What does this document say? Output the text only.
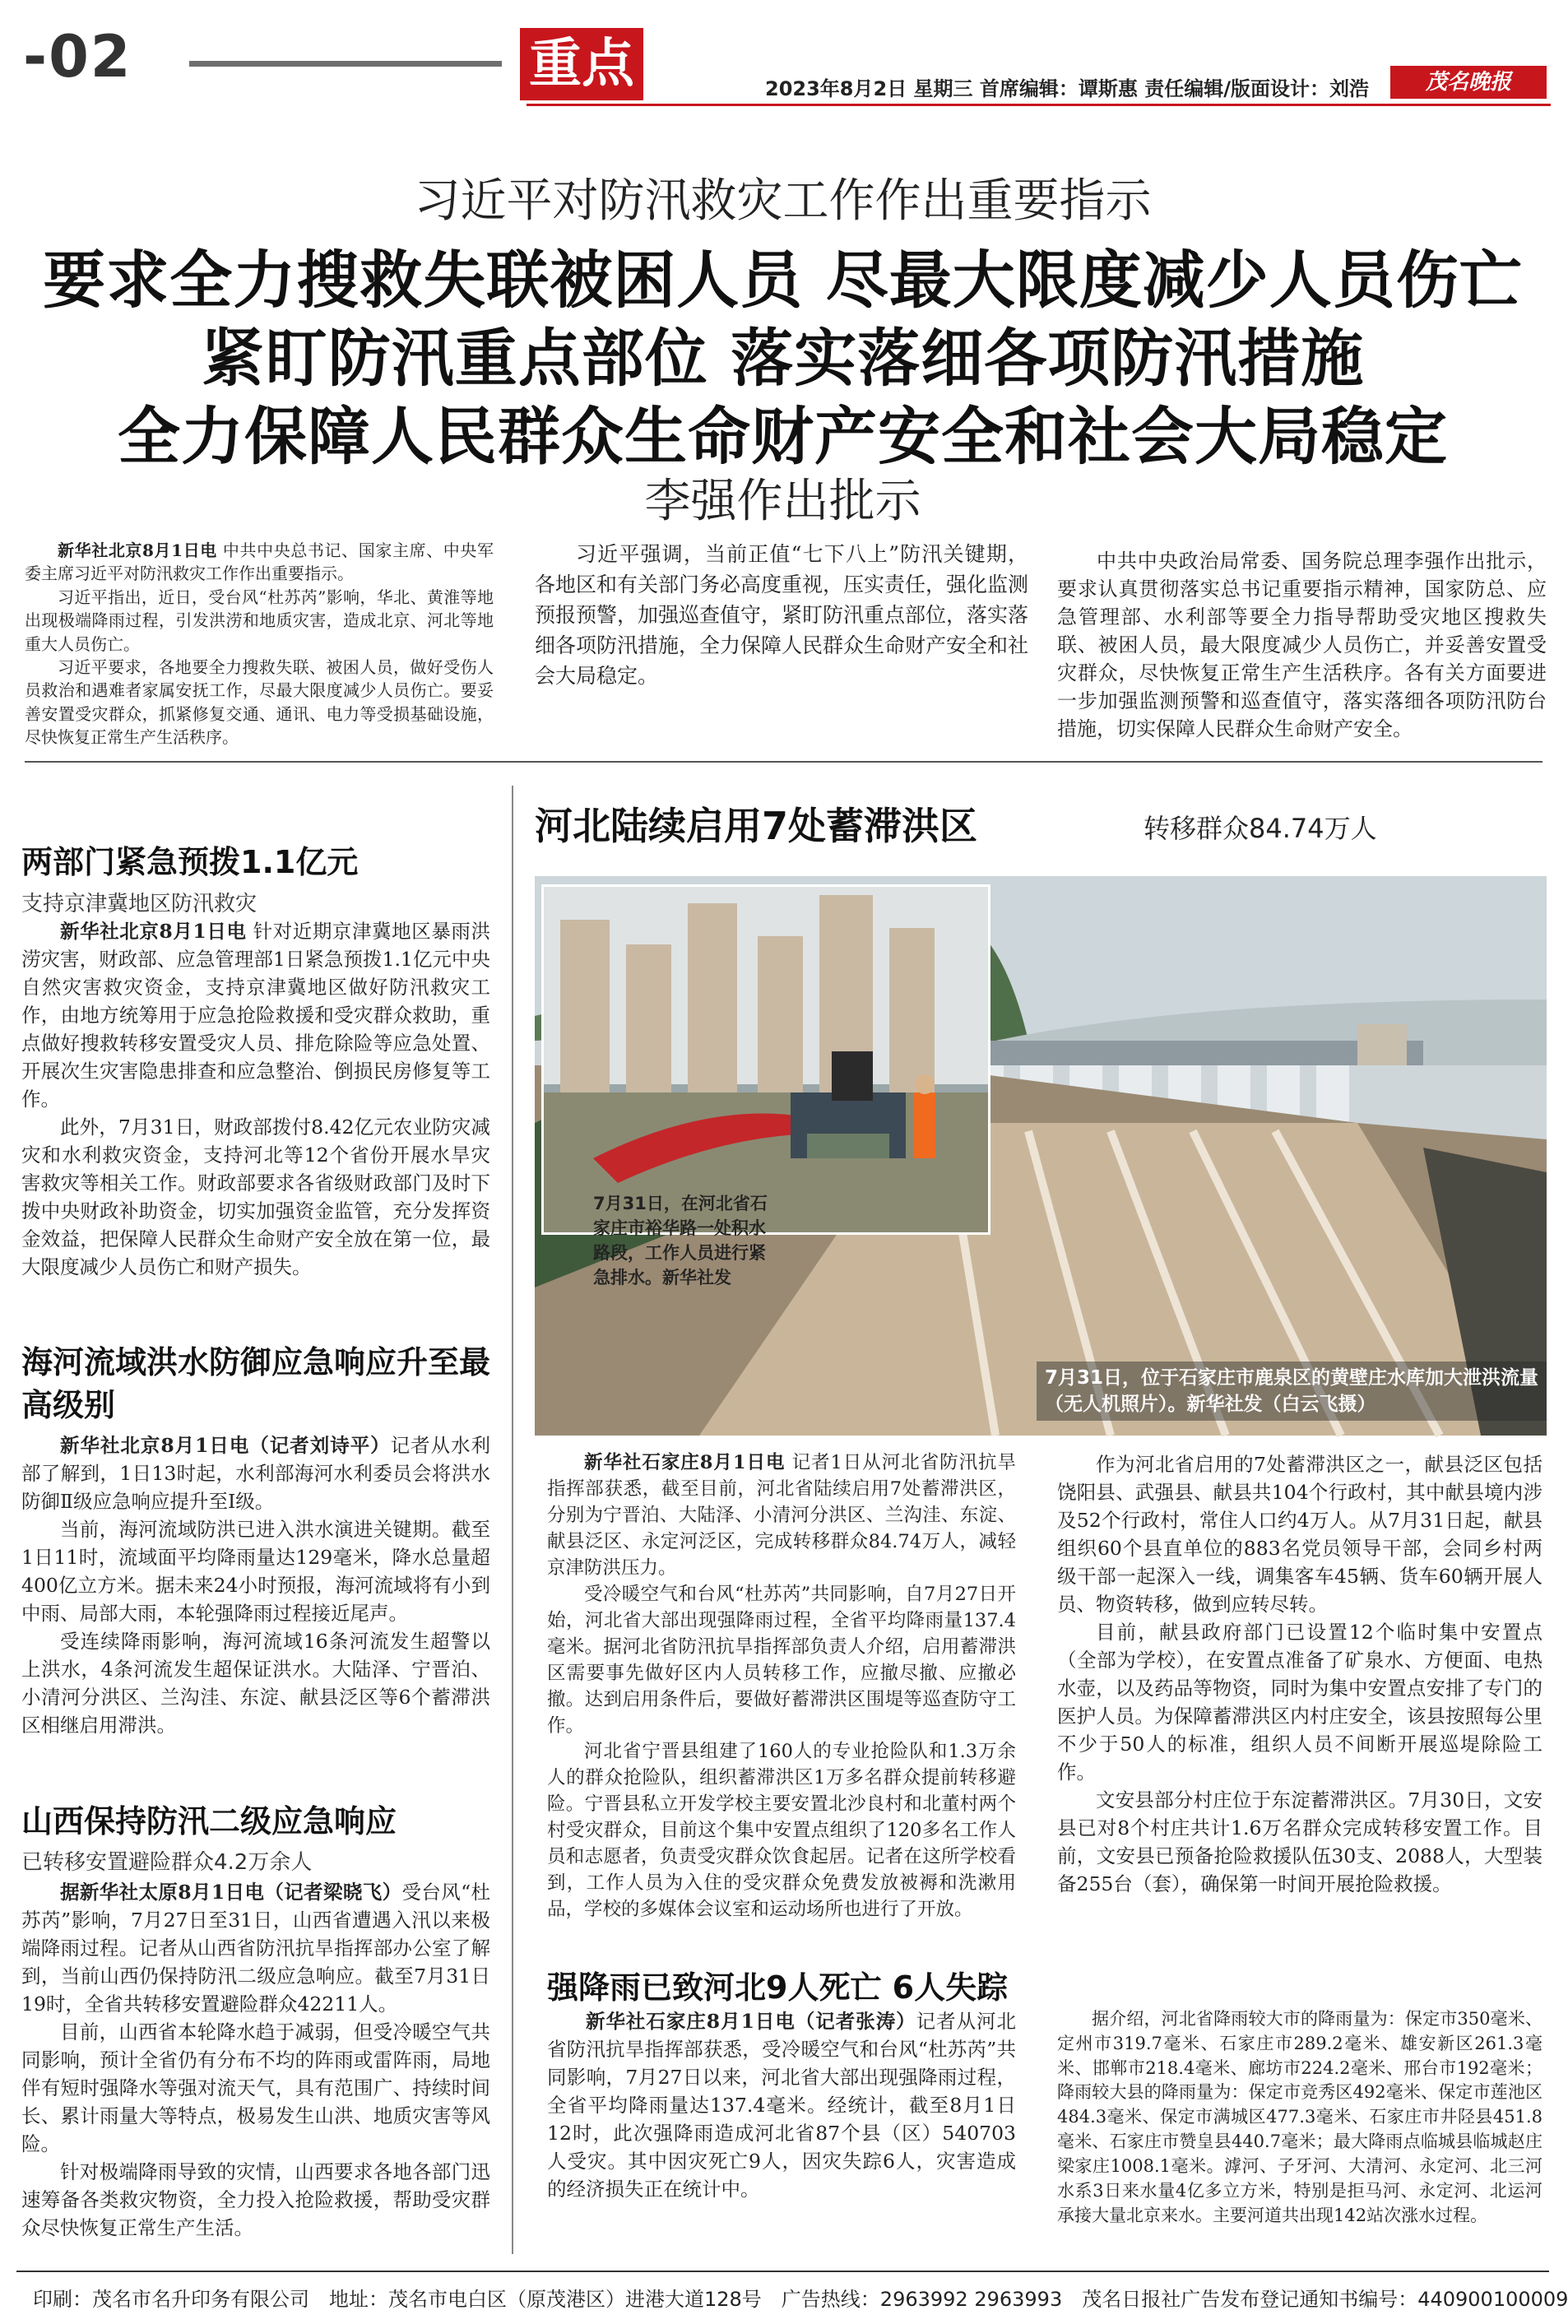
-02	重点	2023年8月2日 星期三 首席编辑：谭斯惠 责任编辑/版面设计：刘浩	茂名晚报
习近平对防汛救灾工作作出重要指示
要求全力搜救失联被困人员 尽最大限度减少人员伤亡
紧盯防汛重点部位 落实落细各项防汛措施
全力保障人民群众生命财产安全和社会大局稳定
李强作出批示

新华社北京8月1日电 中共中央总书记、国家主席、中央军委主席习近平对防汛救灾工作作出重要指示。

习近平指出，近日，受台风“杜苏芮”影响，华北、黄淮等地出现极端降雨过程，引发洪涝和地质灾害，造成北京、河北等地重大人员伤亡。

习近平要求，各地要全力搜救失联、被困人员，做好受伤人员救治和遇难者家属安抚工作，尽最大限度减少人员伤亡。要妥善安置受灾群众，抓紧修复交通、通讯、电力等受损基础设施，尽快恢复正常生产生活秩序。

习近平强调，当前正值“七下八上”防汛关键期，各地区和有关部门务必高度重视，压实责任，强化监测预报预警，加强巡查值守，紧盯防汛重点部位，落实落细各项防汛措施，全力保障人民群众生命财产安全和社会大局稳定。

中共中央政治局常委、国务院总理李强作出批示，要求认真贯彻落实总书记重要指示精神，国家防总、应急管理部、水利部等要全力指导帮助受灾地区搜救失联、被困人员，最大限度减少人员伤亡，并妥善安置受灾群众，尽快恢复正常生产生活秩序。各有关方面要进一步加强监测预警和巡查值守，落实落细各项防汛防台措施，切实保障人民群众生命财产安全。

两部门紧急预拨1.1亿元
支持京津冀地区防汛救灾

新华社北京8月1日电 针对近期京津冀地区暴雨洪涝灾害，财政部、应急管理部1日紧急预拨1.1亿元中央自然灾害救灾资金，支持京津冀地区做好防汛救灾工作，由地方统筹用于应急抢险救援和受灾群众救助，重点做好搜救转移安置受灾人员、排危除险等应急处置、开展次生灾害隐患排查和应急整治、倒损民房修复等工作。

此外，7月31日，财政部拨付8.42亿元农业防灾减灾和水利救灾资金，支持河北等12个省份开展水旱灾害救灾等相关工作。财政部要求各省级财政部门及时下拨中央财政补助资金，切实加强资金监管，充分发挥资金效益，把保障人民群众生命财产安全放在第一位，最大限度减少人员伤亡和财产损失。

海河流域洪水防御应急响应升至最高级别

新华社北京8月1日电（记者刘诗平）记者从水利部了解到，1日13时起，水利部海河水利委员会将洪水防御Ⅱ级应急响应提升至Ⅰ级。

当前，海河流域防洪已进入洪水演进关键期。截至1日11时，流域面平均降雨量达129毫米，降水总量超400亿立方米。据未来24小时预报，海河流域将有小到中雨、局部大雨，本轮强降雨过程接近尾声。

受连续降雨影响，海河流域16条河流发生超警以上洪水，4条河流发生超保证洪水。大陆泽、宁晋泊、小清河分洪区、兰沟洼、东淀、献县泛区等6个蓄滞洪区相继启用滞洪。

山西保持防汛二级应急响应
已转移安置避险群众4.2万余人

据新华社太原8月1日电（记者梁晓飞）受台风“杜苏芮”影响，7月27日至31日，山西省遭遇入汛以来极端降雨过程。记者从山西省防汛抗旱指挥部办公室了解到，当前山西仍保持防汛二级应急响应。截至7月31日19时，全省共转移安置避险群众42211人。

目前，山西省本轮降水趋于减弱，但受冷暖空气共同影响，预计全省仍有分布不均的阵雨或雷阵雨，局地伴有短时强降水等强对流天气，具有范围广、持续时间长、累计雨量大等特点，极易发生山洪、地质灾害等风险。

针对极端降雨导致的灾情，山西要求各地各部门迅速筹备各类救灾物资，全力投入抢险救援，帮助受灾群众尽快恢复正常生产生活。

河北陆续启用7处蓄滞洪区	转移群众84.74万人
7月31日，在河北省石家庄市裕华路一处积水路段，工作人员进行紧急排水。新华社发
7月31日，位于石家庄市鹿泉区的黄壁庄水库加大泄洪流量（无人机照片）。新华社发（白云飞摄）

新华社石家庄8月1日电 记者1日从河北省防汛抗旱指挥部获悉，截至目前，河北省陆续启用7处蓄滞洪区，分别为宁晋泊、大陆泽、小清河分洪区、兰沟洼、东淀、献县泛区、永定河泛区，完成转移群众84.74万人，减轻京津防洪压力。

受冷暖空气和台风“杜苏芮”共同影响，自7月27日开始，河北省大部出现强降雨过程，全省平均降雨量137.4毫米。据河北省防汛抗旱指挥部负责人介绍，启用蓄滞洪区需要事先做好区内人员转移工作，应撤尽撤、应撤必撤。达到启用条件后，要做好蓄滞洪区围堤等巡查防守工作。

河北省宁晋县组建了160人的专业抢险队和1.3万余人的群众抢险队，组织蓄滞洪区1万多名群众提前转移避险。宁晋县私立开发学校主要安置北沙良村和北董村两个村受灾群众，目前这个集中安置点组织了120多名工作人员和志愿者，负责受灾群众饮食起居。记者在这所学校看到，工作人员为入住的受灾群众免费发放被褥和洗漱用品，学校的多媒体会议室和运动场所也进行了开放。

作为河北省启用的7处蓄滞洪区之一，献县泛区包括饶阳县、武强县、献县共104个行政村，其中献县境内涉及52个行政村，常住人口约4万人。从7月31日起，献县组织60个县直单位的883名党员领导干部，会同乡村两级干部一起深入一线，调集客车45辆、货车60辆开展人员、物资转移，做到应转尽转。

目前，献县政府部门已设置12个临时集中安置点（全部为学校），在安置点准备了矿泉水、方便面、电热水壶，以及药品等物资，同时为集中安置点安排了专门的医护人员。为保障蓄滞洪区内村庄安全，该县按照每公里不少于50人的标准，组织人员不间断开展巡堤除险工作。

文安县部分村庄位于东淀蓄滞洪区。7月30日，文安县已对8个村庄共计1.6万名群众完成转移安置工作。目前，文安县已预备抢险救援队伍30支、2088人，大型装备255台（套），确保第一时间开展抢险救援。

强降雨已致河北9人死亡 6人失踪

新华社石家庄8月1日电（记者张涛）记者从河北省防汛抗旱指挥部获悉，受冷暖空气和台风“杜苏芮”共同影响，7月27日以来，河北省大部出现强降雨过程，全省平均降雨量达137.4毫米。经统计，截至8月1日12时，此次强降雨造成河北省87个县（区）540703人受灾。其中因灾死亡9人，因灾失踪6人，灾害造成的经济损失正在统计中。

据介绍，河北省降雨较大市的降雨量为：保定市350毫米、定州市319.7毫米、石家庄市289.2毫米、雄安新区261.3毫米、邯郸市218.4毫米、廊坊市224.2毫米、邢台市192毫米；降雨较大县的降雨量为：保定市竞秀区492毫米、保定市莲池区484.3毫米、保定市满城区477.3毫米、石家庄市井陉县451.8毫米、石家庄市赞皇县440.7毫米；最大降雨点临城县临城赵庄梁家庄1008.1毫米。滹河、子牙河、大清河、永定河、北三河水系3日来水量4亿多立方米，特别是拒马河、永定河、北运河承接大量北京来水。主要河道共出现142站次涨水过程。

印刷：茂名市名升印务有限公司　地址：茂名市电白区（原茂港区）进港大道128号　广告热线：2963992 2963993　茂名日报社广告发布登记通知书编号：440900100009
